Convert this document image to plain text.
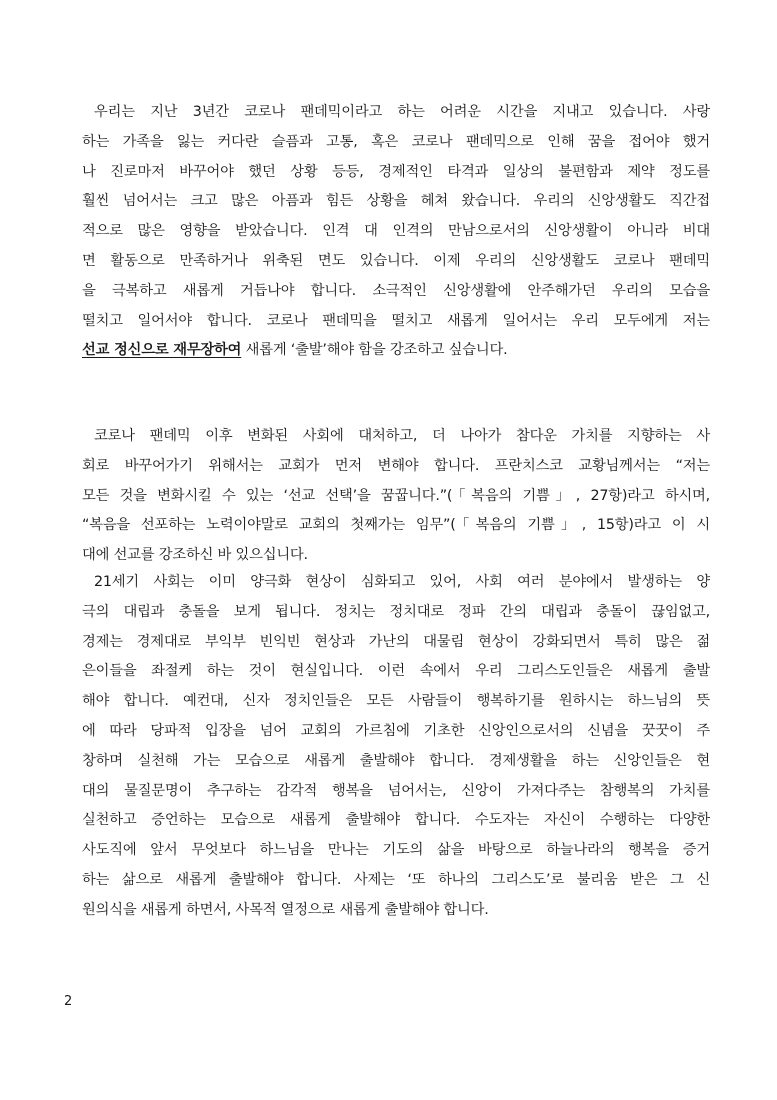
우리는 지난 3년간 코로나 팬데믹이라고 하는 어려운 시간을 지내고 있습니다. 사랑
하는 가족을 잃는 커다란 슬픔과 고통, 혹은 코로나 팬데믹으로 인해 꿈을 접어야 했거
나 진로마저 바꾸어야 했던 상황 등등, 경제적인 타격과 일상의 불편함과 제약 정도를
훨씬 넘어서는 크고 많은 아픔과 힘든 상황을 헤쳐 왔습니다. 우리의 신앙생활도 직간접
적으로 많은 영향을 받았습니다. 인격 대 인격의 만남으로서의 신앙생활이 아니라 비대
면 활동으로 만족하거나 위축된 면도 있습니다. 이제 우리의 신앙생활도 코로나 팬데믹
을 극복하고 새롭게 거듭나야 합니다. 소극적인 신앙생활에 안주해가던 우리의 모습을
떨치고 일어서야 합니다. 코로나 팬데믹을 떨치고 새롭게 일어서는 우리 모두에게 저는
선교 정신으로 재무장하여 새롭게 ‘출발’해야 함을 강조하고 싶습니다.
코로나 팬데믹 이후 변화된 사회에 대처하고, 더 나아가 참다운 가치를 지향하는 사
회로 바꾸어가기 위해서는 교회가 먼저 변해야 합니다. 프란치스코 교황님께서는 “저는
모든 것을 변화시킬 수 있는 ‘선교 선택’을 꿈꿉니다.”(「복음의 기쁨」, 27항)라고 하시며,
“복음을 선포하는 노력이야말로 교회의 첫째가는 임무”(「복음의 기쁨」, 15항)라고 이 시
대에 선교를 강조하신 바 있으십니다.
21세기 사회는 이미 양극화 현상이 심화되고 있어, 사회 여러 분야에서 발생하는 양
극의 대립과 충돌을 보게 됩니다. 정치는 정치대로 정파 간의 대립과 충돌이 끊임없고,
경제는 경제대로 부익부 빈익빈 현상과 가난의 대물림 현상이 강화되면서 특히 많은 젊
은이들을 좌절케 하는 것이 현실입니다. 이런 속에서 우리 그리스도인들은 새롭게 출발
해야 합니다. 예컨대, 신자 정치인들은 모든 사람들이 행복하기를 원하시는 하느님의 뜻
에 따라 당파적 입장을 넘어 교회의 가르침에 기초한 신앙인으로서의 신념을 꿋꿋이 주
창하며 실천해 가는 모습으로 새롭게 출발해야 합니다. 경제생활을 하는 신앙인들은 현
대의 물질문명이 추구하는 감각적 행복을 넘어서는, 신앙이 가져다주는 참행복의 가치를
실천하고 증언하는 모습으로 새롭게 출발해야 합니다. 수도자는 자신이 수행하는 다양한
사도직에 앞서 무엇보다 하느님을 만나는 기도의 삶을 바탕으로 하늘나라의 행복을 증거
하는 삶으로 새롭게 출발해야 합니다. 사제는 ‘또 하나의 그리스도’로 불리움 받은 그 신
원의식을 새롭게 하면서, 사목적 열정으로 새롭게 출발해야 합니다.
2
